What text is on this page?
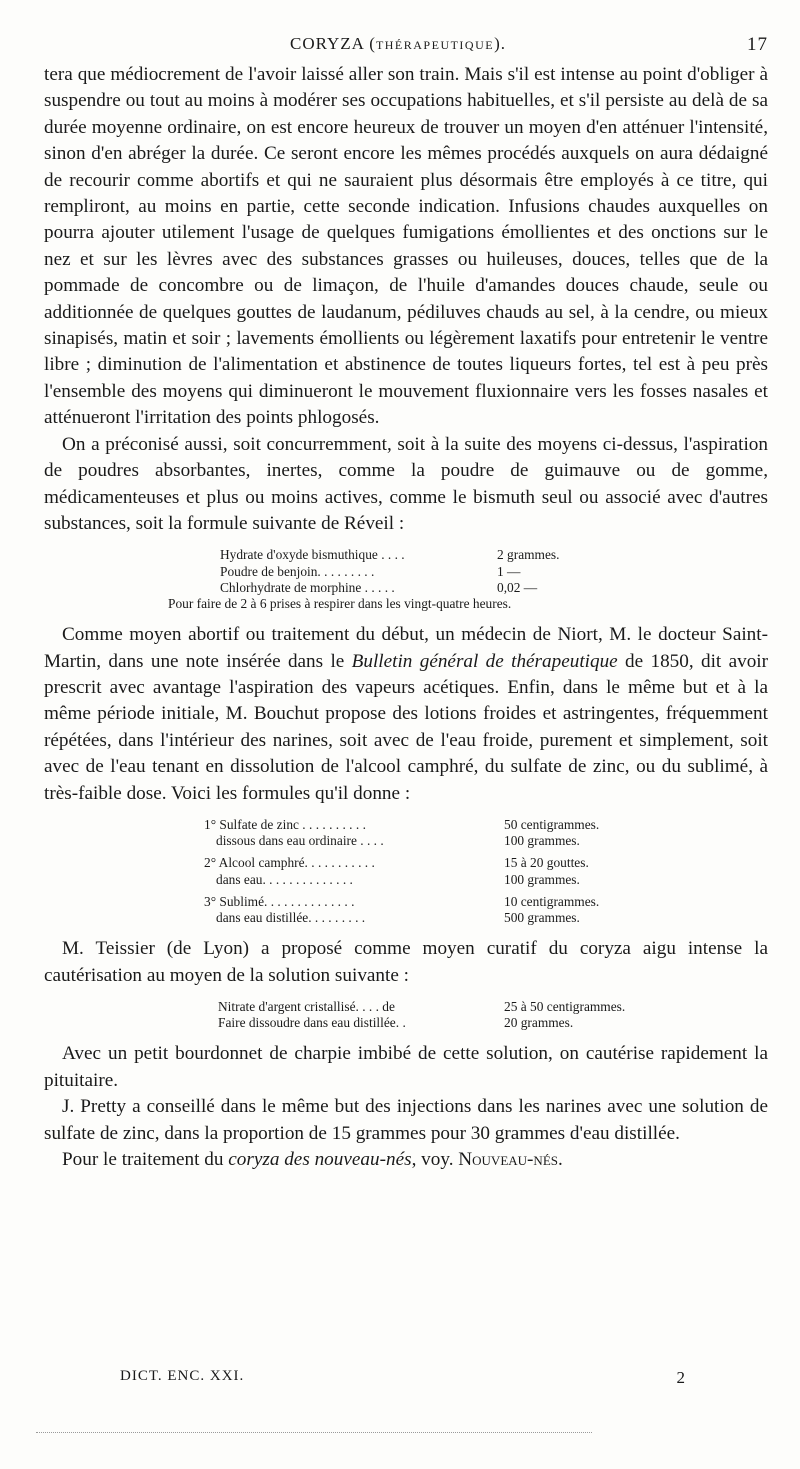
CORYZA (THÉRAPEUTIQUE).	17

tera que médiocrement de l'avoir laissé aller son train. Mais s'il est intense au point d'obliger à suspendre ou tout au moins à modérer ses occupations habituelles, et s'il persiste au delà de sa durée moyenne ordinaire, on est encore heureux de trouver un moyen d'en atténuer l'intensité, sinon d'en abréger la durée. Ce seront encore les mêmes procédés auxquels on aura dédaigné de recourir comme abortifs et qui ne sauraient plus désormais être employés à ce titre, qui rempliront, au moins en partie, cette seconde indication. Infusions chaudes auxquelles on pourra ajouter utilement l'usage de quelques fumigations émollientes et des onctions sur le nez et sur les lèvres avec des substances grasses ou huileuses, douces, telles que de la pommade de concombre ou de limaçon, de l'huile d'amandes douces chaude, seule ou additionnée de quelques gouttes de laudanum, pédiluves chauds au sel, à la cendre, ou mieux sinapisés, matin et soir ; lavements émollients ou légèrement laxatifs pour entretenir le ventre libre ; diminution de l'alimentation et abstinence de toutes liqueurs fortes, tel est à peu près l'ensemble des moyens qui diminueront le mouvement fluxionnaire vers les fosses nasales et atténueront l'irritation des points phlogosés.

On a préconisé aussi, soit concurremment, soit à la suite des moyens ci-dessus, l'aspiration de poudres absorbantes, inertes, comme la poudre de guimauve ou de gomme, médicamenteuses et plus ou moins actives, comme le bismuth seul ou associé avec d'autres substances, soit la formule suivante de Réveil :

Hydrate d'oxyde bismuthique . . . .	2 grammes.
Poudre de benjoin. . . . . . . . .	1 —
Chlorhydrate de morphine . . . . .	0,02 —
Pour faire de 2 à 6 prises à respirer dans les vingt-quatre heures.

Comme moyen abortif ou traitement du début, un médecin de Niort, M. le docteur Saint-Martin, dans une note insérée dans le Bulletin général de thérapeutique de 1850, dit avoir prescrit avec avantage l'aspiration des vapeurs acétiques. Enfin, dans le même but et à la même période initiale, M. Bouchut propose des lotions froides et astringentes, fréquemment répétées, dans l'intérieur des narines, soit avec de l'eau froide, purement et simplement, soit avec de l'eau tenant en dissolution de l'alcool camphré, du sulfate de zinc, ou du sublimé, à très-faible dose. Voici les formules qu'il donne :

1° Sulfate de zinc . . . . . . . . . .	50 centigrammes.
dissous dans eau ordinaire . . . .	100 grammes.
2° Alcool camphré. . . . . . . . . . .	15 à 20 gouttes.
dans eau. . . . . . . . . . . . . .	100 grammes.
3° Sublimé. . . . . . . . . . . . . .	10 centigrammes.
dans eau distillée. . . . . . . . .	500 grammes.

M. Teissier (de Lyon) a proposé comme moyen curatif du coryza aigu intense la cautérisation au moyen de la solution suivante :

Nitrate d'argent cristallisé. . . . de	25 à 50 centigrammes.
Faire dissoudre dans eau distillée. .	20 grammes.

Avec un petit bourdonnet de charpie imbibé de cette solution, on cautérise rapidement la pituitaire.

J. Pretty a conseillé dans le même but des injections dans les narines avec une solution de sulfate de zinc, dans la proportion de 15 grammes pour 30 grammes d'eau distillée.

Pour le traitement du coryza des nouveau-nés, voy. Nouveau-nés.

DICT. ENC. XXI.	2
